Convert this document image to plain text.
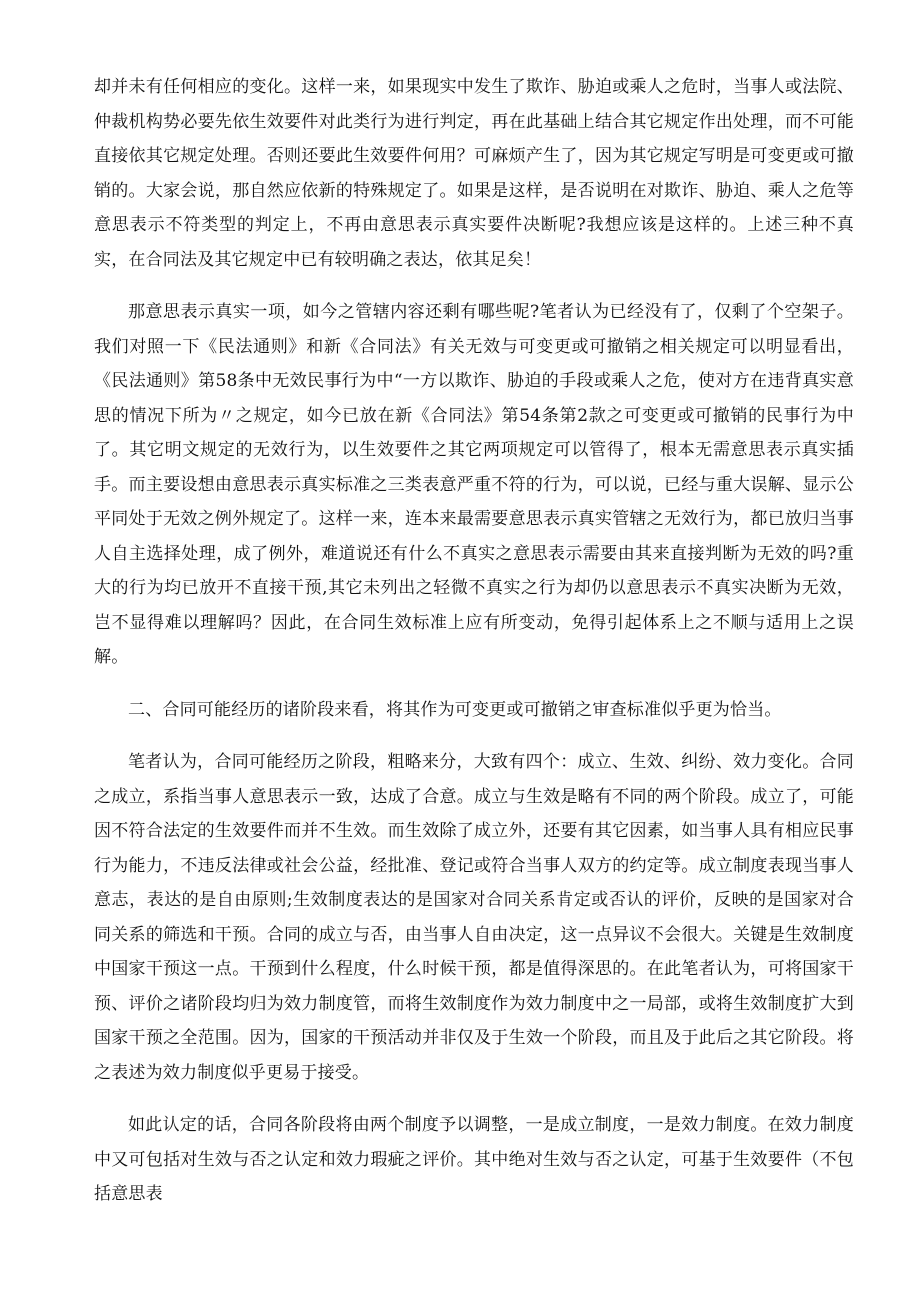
却并未有任何相应的变化。这样一来，如果现实中发生了欺诈、胁迫或乘人之危时，当事人或法院、仲裁机构势必要先依生效要件对此类行为进行判定，再在此基础上结合其它规定作出处理，而不可能直接依其它规定处理。否则还要此生效要件何用？可麻烦产生了，因为其它规定写明是可变更或可撤销的。大家会说，那自然应依新的特殊规定了。如果是这样，是否说明在对欺诈、胁迫、乘人之危等意思表示不符类型的判定上，不再由意思表示真实要件决断呢?我想应该是这样的。上述三种不真实，在合同法及其它规定中已有较明确之表达，依其足矣！

那意思表示真实一项，如今之管辖内容还剩有哪些呢?笔者认为已经没有了，仅剩了个空架子。我们对照一下《民法通则》和新《合同法》有关无效与可变更或可撤销之相关规定可以明显看出，《民法通则》第58条中无效民事行为中“一方以欺诈、胁迫的手段或乘人之危，使对方在违背真实意思的情况下所为〃之规定，如今已放在新《合同法》第54条第2款之可变更或可撤销的民事行为中了。其它明文规定的无效行为，以生效要件之其它两项规定可以管得了，根本无需意思表示真实插手。而主要设想由意思表示真实标准之三类表意严重不符的行为，可以说，已经与重大误解、显示公平同处于无效之例外规定了。这样一来，连本来最需要意思表示真实管辖之无效行为，都已放归当事人自主选择处理，成了例外，难道说还有什么不真实之意思表示需要由其来直接判断为无效的吗?重大的行为均已放开不直接干预,其它未列出之轻微不真实之行为却仍以意思表示不真实决断为无效，岂不显得难以理解吗？因此，在合同生效标准上应有所变动，免得引起体系上之不顺与适用上之误解。

二、合同可能经历的诸阶段来看，将其作为可变更或可撤销之审查标准似乎更为恰当。

笔者认为，合同可能经历之阶段，粗略来分，大致有四个：成立、生效、纠纷、效力变化。合同之成立，系指当事人意思表示一致，达成了合意。成立与生效是略有不同的两个阶段。成立了，可能因不符合法定的生效要件而并不生效。而生效除了成立外，还要有其它因素，如当事人具有相应民事行为能力，不违反法律或社会公益，经批准、登记或符合当事人双方的约定等。成立制度表现当事人意志，表达的是自由原则;生效制度表达的是国家对合同关系肯定或否认的评价，反映的是国家对合同关系的筛选和干预。合同的成立与否，由当事人自由决定，这一点异议不会很大。关键是生效制度中国家干预这一点。干预到什么程度，什么时候干预，都是值得深思的。在此笔者认为，可将国家干预、评价之诸阶段均归为效力制度管，而将生效制度作为效力制度中之一局部，或将生效制度扩大到国家干预之全范围。因为，国家的干预活动并非仅及于生效一个阶段，而且及于此后之其它阶段。将之表述为效力制度似乎更易于接受。

如此认定的话，合同各阶段将由两个制度予以调整，一是成立制度，一是效力制度。在效力制度中又可包括对生效与否之认定和效力瑕疵之评价。其中绝对生效与否之认定，可基于生效要件（不包括意思表
